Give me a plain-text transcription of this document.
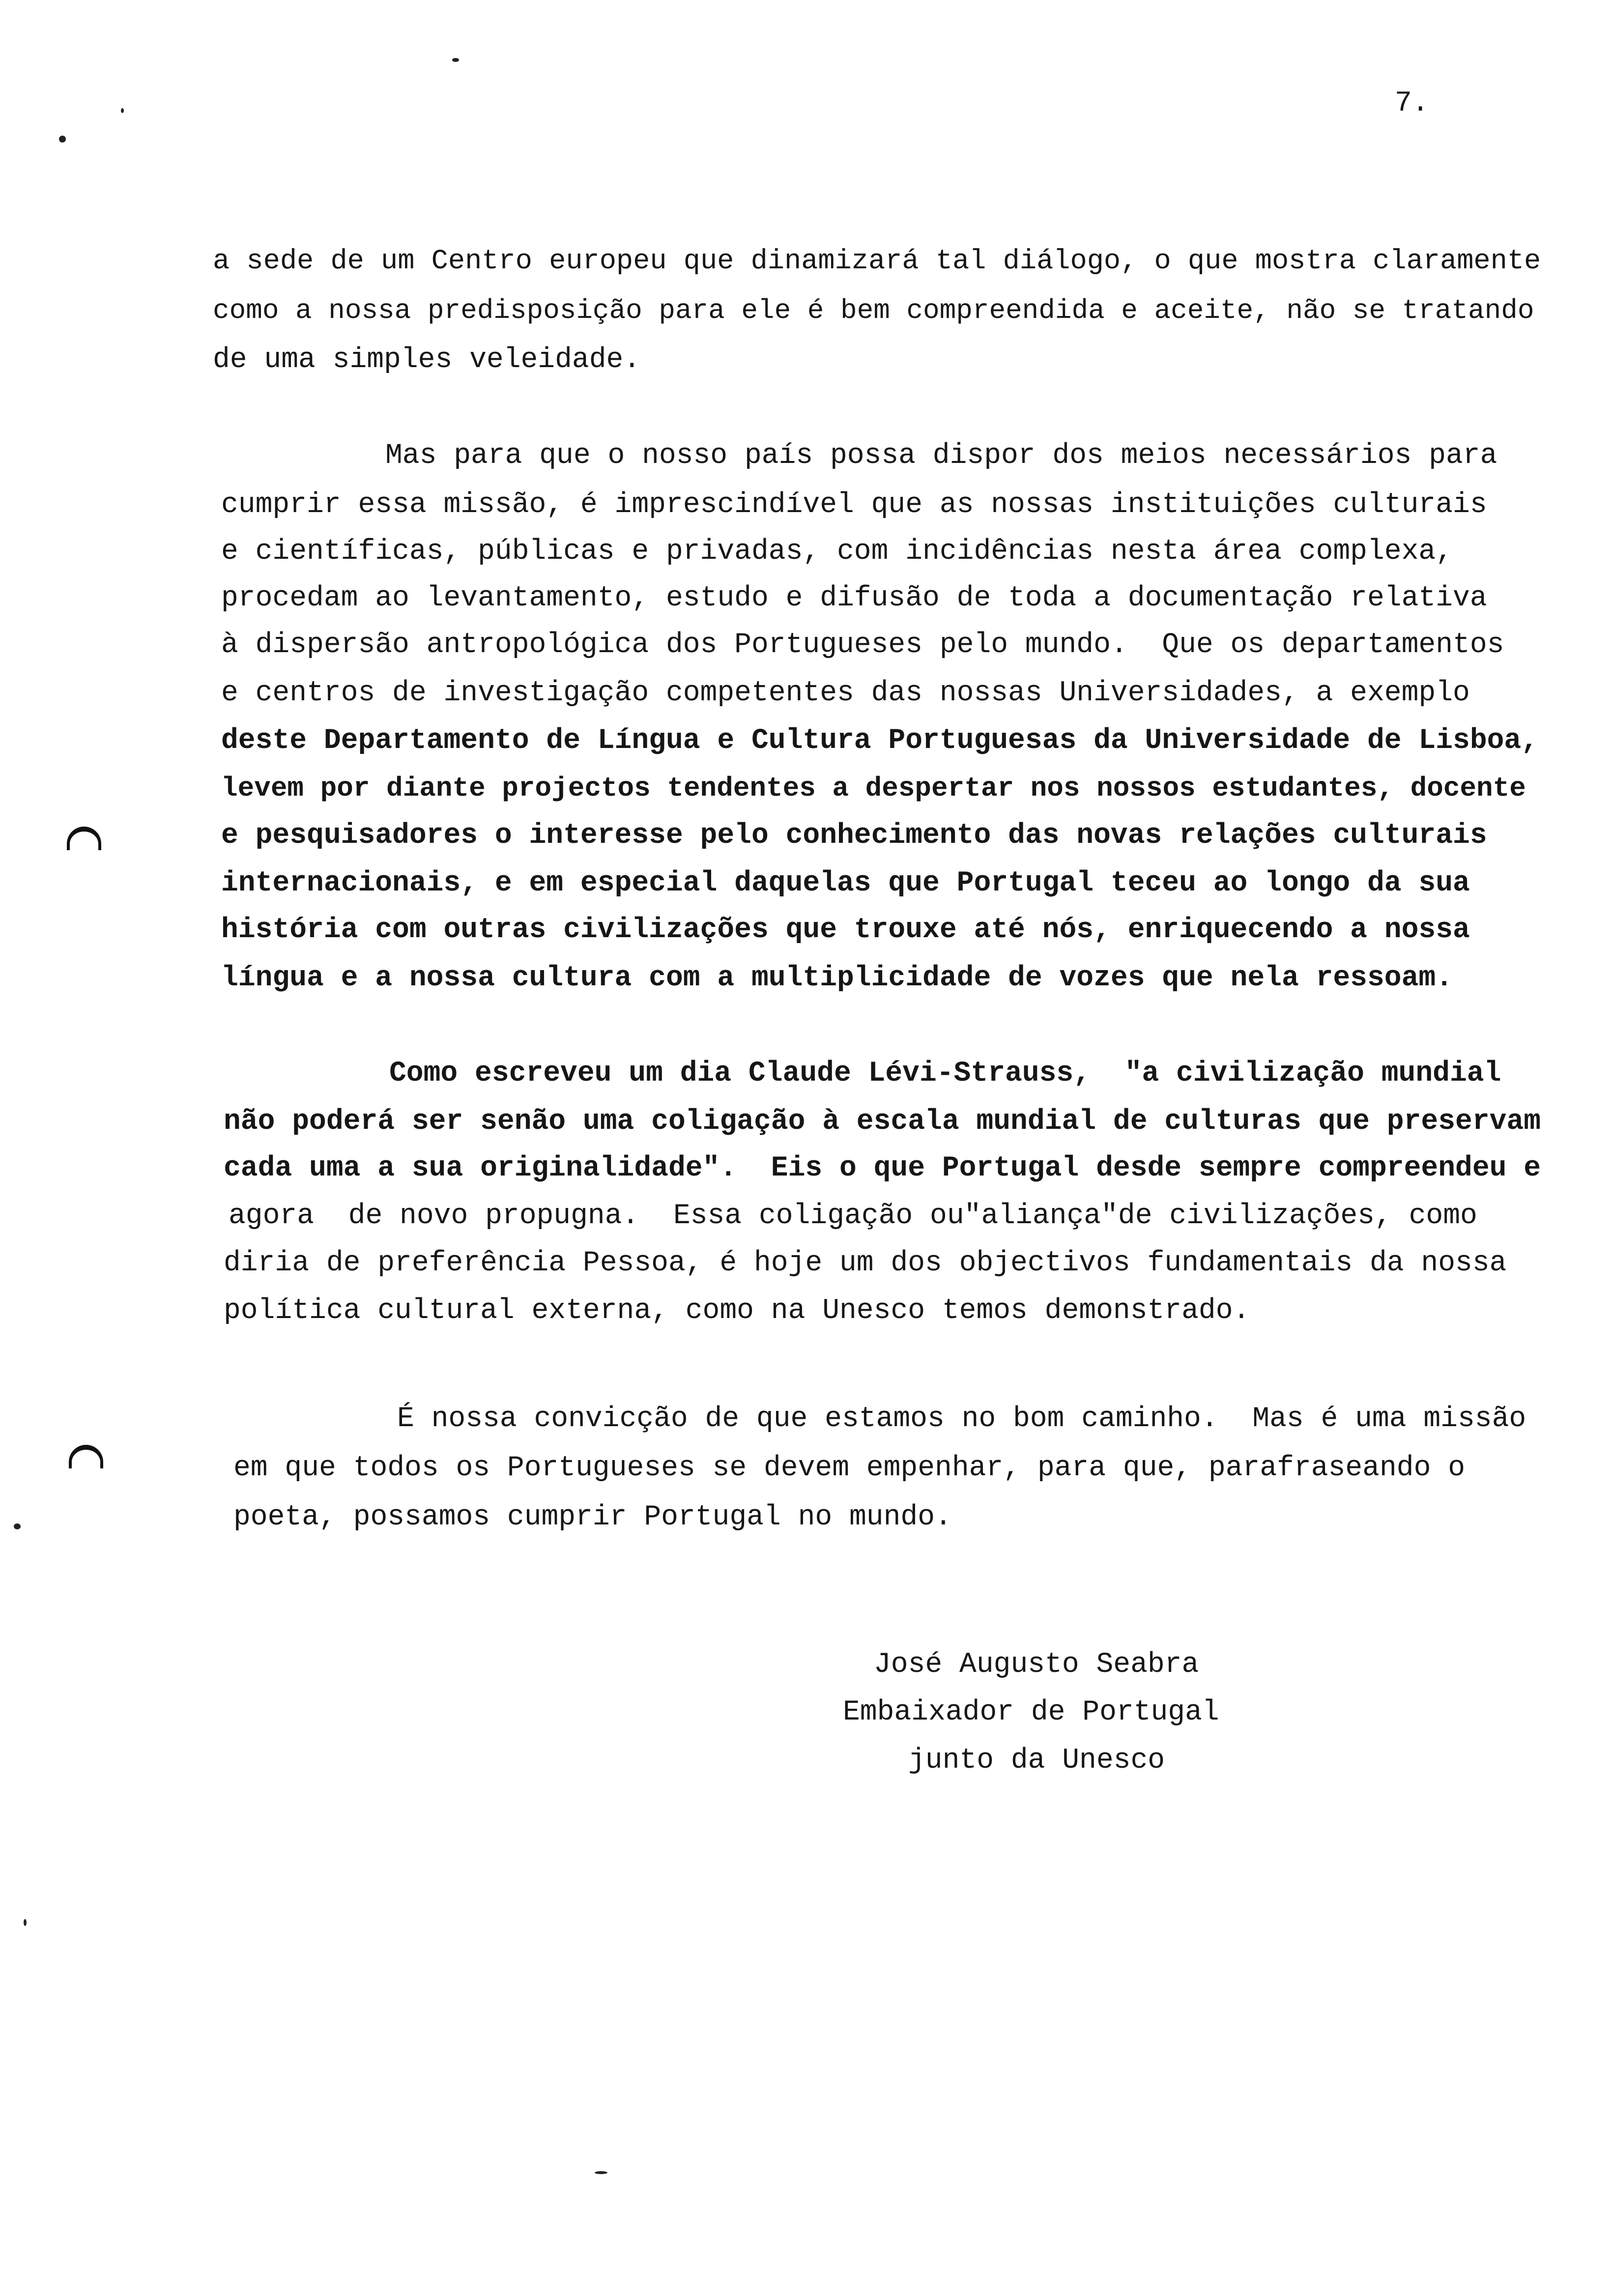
7.
a sede de um Centro europeu que dinamizará tal diálogo, o que mostra claramente
como a nossa predisposição para ele é bem compreendida e aceite, não se tratando
de uma simples veleidade.
Mas para que o nosso país possa dispor dos meios necessários para
cumprir essa missão, é imprescindível que as nossas instituições culturais
e científicas, públicas e privadas, com incidências nesta área complexa,
procedam ao levantamento, estudo e difusão de toda a documentação relativa
à dispersão antropológica dos Portugueses pelo mundo.  Que os departamentos
e centros de investigação competentes das nossas Universidades, a exemplo
deste Departamento de Língua e Cultura Portuguesas da Universidade de Lisboa,
levem por diante projectos tendentes a despertar nos nossos estudantes, docente
e pesquisadores o interesse pelo conhecimento das novas relações culturais
internacionais, e em especial daquelas que Portugal teceu ao longo da sua
história com outras civilizações que trouxe até nós, enriquecendo a nossa
língua e a nossa cultura com a multiplicidade de vozes que nela ressoam.
Como escreveu um dia Claude Lévi-Strauss,  "a civilização mundial
não poderá ser senão uma coligação à escala mundial de culturas que preservam
cada uma a sua originalidade".  Eis o que Portugal desde sempre compreendeu e
agora  de novo propugna.  Essa coligação ou"aliança"de civilizações, como
diria de preferência Pessoa, é hoje um dos objectivos fundamentais da nossa
política cultural externa, como na Unesco temos demonstrado.
É nossa convicção de que estamos no bom caminho.  Mas é uma missão
em que todos os Portugueses se devem empenhar, para que, parafraseando o
poeta, possamos cumprir Portugal no mundo.
José Augusto Seabra
Embaixador de Portugal
junto da Unesco
